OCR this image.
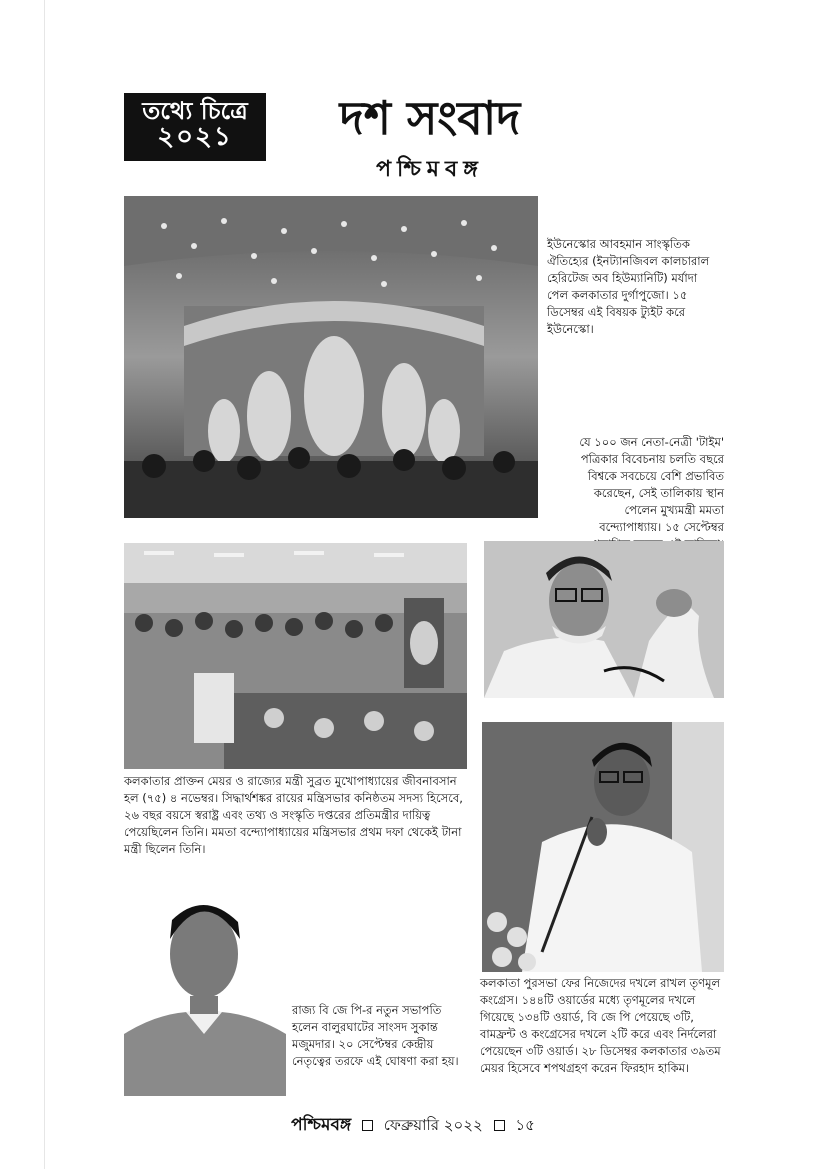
তথ্যে চিত্রে
২০২১	দশ সংবাদ
পশ্চিমবঙ্গ
ইউনেস্কোর আবহমান সাংস্কৃতিক ঐতিহ্যের (ইনট্যানজিবল কালচারাল হেরিটেজ অব হিউম্যানিটি) মর্যাদা পেল কলকাতার দুর্গাপুজো। ১৫ ডিসেম্বর এই বিষয়ক ট্যুইট করে ইউনেস্কো।
যে ১০০ জন নেতা-নেত্রী 'টাইম' পত্রিকার বিবেচনায় চলতি বছরে বিশ্বকে সবচেয়ে বেশি প্রভাবিত করেছেন, সেই তালিকায় স্থান পেলেন মুখ্যমন্ত্রী মমতা বন্দ্যোপাধ্যায়। ১৫ সেপ্টেম্বর
কলকাতার প্রাক্তন মেয়র ও রাজ্যের মন্ত্রী সুব্রত মুখোপাধ্যায়ের জীবনাবসান হল (৭৫) ৪ নভেম্বর। সিদ্ধার্থশঙ্কর রায়ের মন্ত্রিসভার কনিষ্ঠতম সদস্য হিসেবে, ২৬ বছর বয়সে স্বরাষ্ট্র এবং তথ্য ও সংস্কৃতি দপ্তরের প্রতিমন্ত্রীর দায়িত্ব পেয়েছিলেন তিনি। মমতা বন্দ্যোপাধ্যায়ের মন্ত্রিসভার প্রথম দফা থেকেই টানা মন্ত্রী ছিলেন তিনি।
রাজ্য বি জে পি-র নতুন সভাপতি হলেন বালুরঘাটের সাংসদ সুকান্ত মজুমদার। ২০ সেপ্টেম্বর কেন্দ্রীয় নেতৃত্বের তরফে এই ঘোষণা করা হয়।
কলকাতা পুরসভা ফের নিজেদের দখলে রাখল তৃণমূল কংগ্রেস। ১৪৪টি ওয়ার্ডের মধ্যে তৃণমূলের দখলে গিয়েছে ১৩৪টি ওয়ার্ড, বি জে পি পেয়েছে ৩টি, বামফ্রন্ট ও কংগ্রেসের দখলে ২টি করে এবং নির্দলেরা পেয়েছেন ৩টি ওয়ার্ড। ২৮ ডিসেম্বর কলকাতার ৩৯তম মেয়র হিসেবে শপথগ্রহণ করেন ফিরহাদ হাকিম।
পশ্চিমবঙ্গ ফেব্রুয়ারি ২০২২ ১৫
